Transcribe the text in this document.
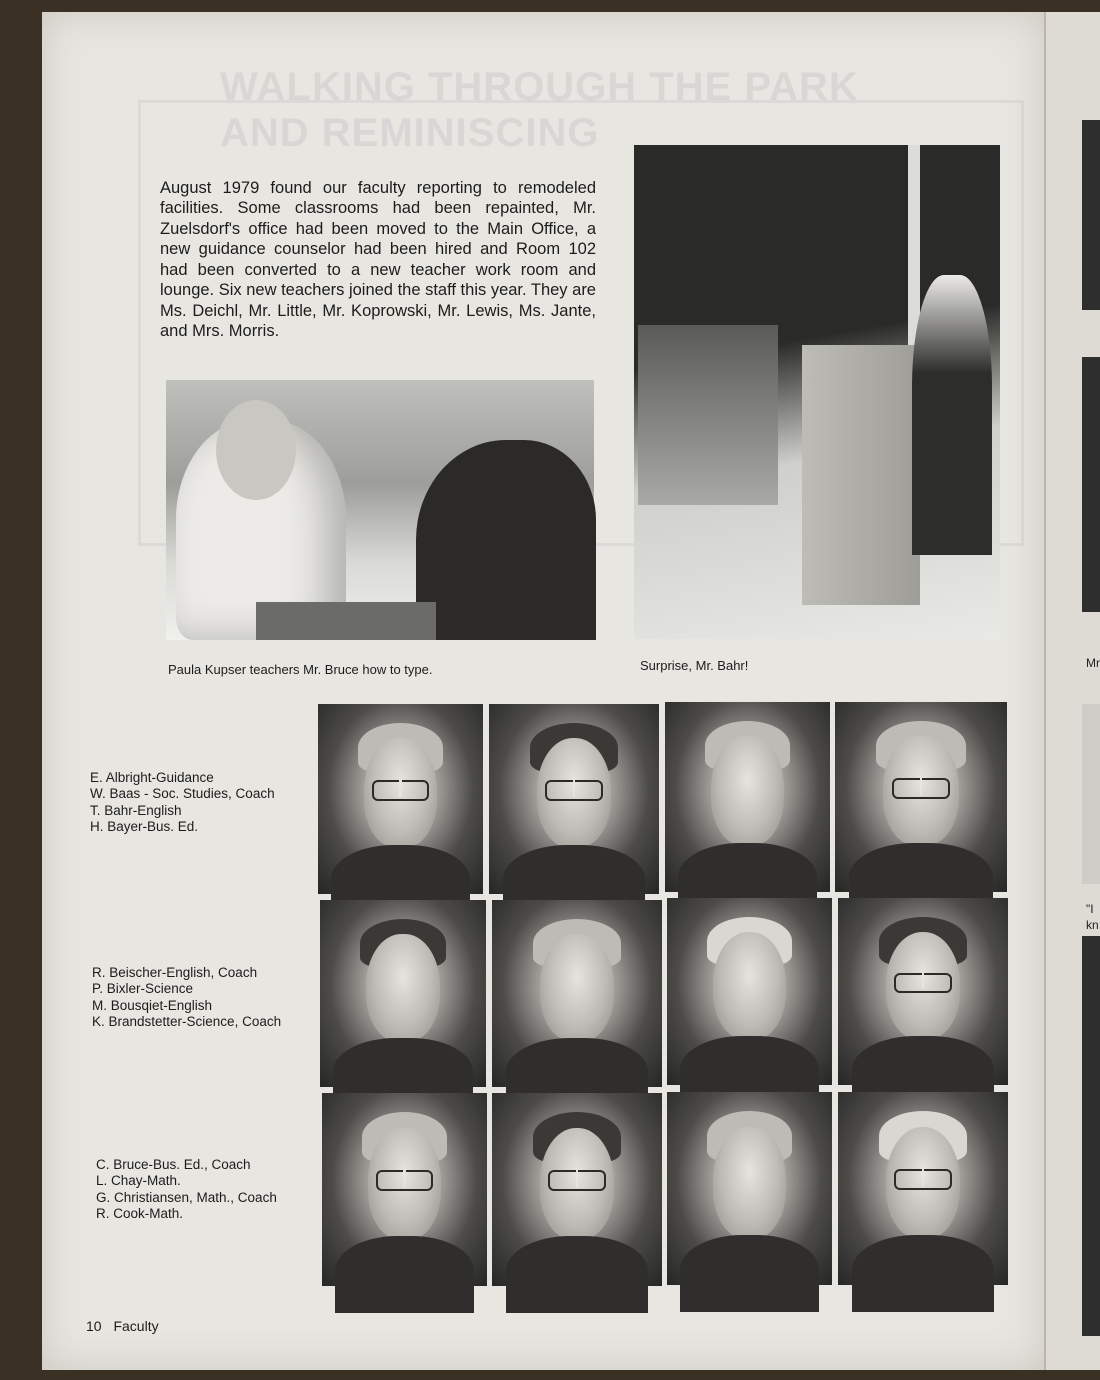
WALKING THROUGH THE PARK AND REMINISCING

August 1979 found our faculty reporting to remodeled facilities. Some classrooms had been repainted, Mr. Zuelsdorf's office had been moved to the Main Office, a new guidance counselor had been hired and Room 102 had been converted to a new teacher work room and lounge. Six new teachers joined the staff this year. They are Ms. Deichl, Mr. Little, Mr. Koprowski, Mr. Lewis, Ms. Jante, and Mrs. Morris.

Paula Kupser teachers Mr. Bruce how to type.	Surprise, Mr. Bahr!
E. Albright-Guidance
W. Baas - Soc. Studies, Coach
T. Bahr-English
H. Bayer-Bus. Ed.
R. Beischer-English, Coach
P. Bixler-Science
M. Bousqiet-English
K. Brandstetter-Science, Coach
C. Bruce-Bus. Ed., Coach
L. Chay-Math.
G. Christiansen, Math., Coach
R. Cook-Math.
10 Faculty
Mr
"I
kn
